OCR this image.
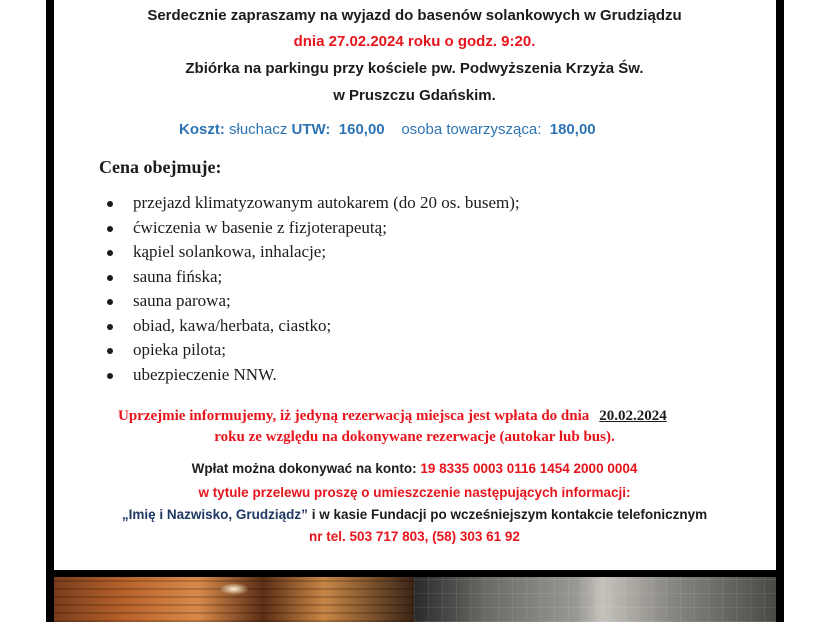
Serdecznie zapraszamy na wyjazd do basenów solankowych w Grudziądzu
dnia 27.02.2024 roku o godz. 9:20.
Zbiórka na parkingu przy kościele pw. Podwyższenia Krzyża Św.
w Pruszczu Gdańskim.
Koszt: słuchacz UTW: 160,00 osoba towarzysząca: 180,00
Cena obejmuje:
przejazd klimatyzowanym autokarem (do 20 os. busem);
ćwiczenia w basenie z fizjoterapeutą;
kąpiel solankowa, inhalacje;
sauna fińska;
sauna parowa;
obiad, kawa/herbata, ciastko;
opieka pilota;
ubezpieczenie NNW.
Uprzejmie informujemy, iż jedyną rezerwacją miejsca jest wpłata do dnia 20.02.2024
roku ze względu na dokonywane rezerwacje (autokar lub bus).
Wpłat można dokonywać na konto: 19 8335 0003 0116 1454 2000 0004
w tytule przelewu proszę o umieszczenie następujących informacji:
„Imię i Nazwisko, Grudziądz” i w kasie Fundacji po wcześniejszym kontakcie telefonicznym
nr tel. 503 717 803, (58) 303 61 92
